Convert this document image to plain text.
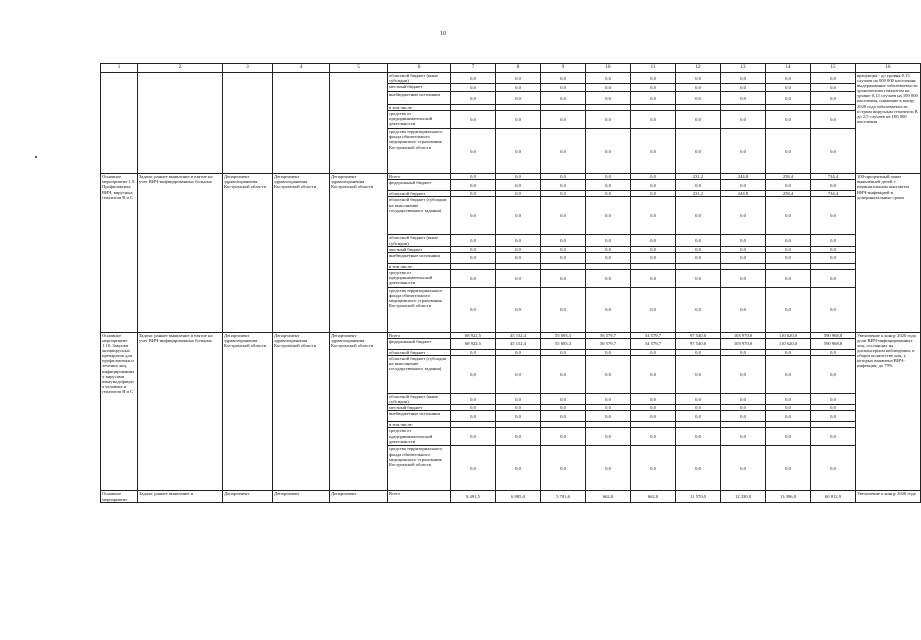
10
1	2	3	4	5	6	7	8	9	10	11	12	13	14	15	16
					областной бюджет (иные субсидии)	0,0	0,0	0,0	0,0	0,0	0,0	0,0	0,0	0,0	врачукция - до уровня 0,15 случаев на 000 000 населения; выдерживание заболеваемости хроническим гепатитом на уровне 0,15 случаев на 100 000 населения, снижение к концу 2020 года заболеваемости острым вирусным гепатитом В до 2,5 случаев на 100 000 населения
					местный бюджет	0,0	0,0	0,0	0,0	0,0	0,0	0,0	0,0	0,0	
					внебюджетные источники	0,0	0,0	0,0	0,0	0,0	0,0	0,0	0,0	0,0	
					в том числе:										
					средства от предпринимательской деятельности	0,0	0,0	0,0	0,0	0,0	0,0	0,0	0,0	0,0	
					средства территориального фонда обязательного медицинского страхования Костромской области	0,0	0,0	0,0	0,0	0,0	0,0	0,0	0,0	0,0	
Основное мероприятие 1.9. Профилактика ВИЧ, вирусных гепатитов В и С	Задача: раннее выявление и взятие на учет ВИЧ-инфицированных больных	Департамент здравоохранения Костромской области	Департамент здравоохранения Костромской области	Департамент здравоохранения Костромской области	Всего	0,0	0,0	0,0	0,0	0,0	231,2	244,8	258,4	734,4	100-процентный охват выявленной детей с перинатальным контактом ВИЧ-инфекцией в доперинатальные сроки
					федеральный бюджет	0,0	0,0	0,0	0,0	0,0	0,0	0,0	0,0	0,0	
					областной бюджет	0,0	0,0	0,0	0,0	0,0	231,2	244,8	258,4	734,4	
					областной бюджет (субсидии на выполнение государственного задания)	0,0	0,0	0,0	0,0	0,0	0,0	0,0	0,0	0,0	
					областной бюджет (иные субсидии)	0,0	0,0	0,0	0,0	0,0	0,0	0,0	0,0	0,0	
					местный бюджет	0,0	0,0	0,0	0,0	0,0	0,0	0,0	0,0	0,0	
					внебюджетные источники	0,0	0,0	0,0	0,0	0,0	0,0	0,0	0,0	0,0	
					в том числе:										
					средства от предпринимательской деятельности	0,0	0,0	0,0	0,0	0,0	0,0	0,0	0,0	0,0	
					средства территориального фонда обязательного медицинского страхования Костромской области	0,0	0,0	0,0	0,0	0,0	0,0	0,0	0,0	0,0	
Основное мероприятие 1.10. Закупки антивирусных препаратов для профилактики и лечения лиц, инфицированных вирусами иммунодефицита человека и гепатитов В и С	Задача: раннее выявление и взятие на учет ВИЧ-инфицированных больных	Департамент здравоохранения Костромской области	Департамент здравоохранения Костромской области	Департамент здравоохранения Костромской области	Всего	68 922,5	45 152,4	55 693,3	56 579,7	54 579,7	97 540,0	103 970,0	110 620,0	590 968,8	Увеличение к концу 2020 года доли ВИЧ-инфицированных лиц, состоящих на диспансерном наблюдении, в общем количестве лиц, у которых выявлена ВИЧ-инфекция, до 79%
					федеральный бюджет	68 922,5	45 152,4	55 693,3	56 579,7	54 579,7	97 540,0	103 970,0	110 620,0	590 968,8	
					областной бюджет	0,0	0,0	0,0	0,0	0,0	0,0	0,0	0,0	0,0	
					областной бюджет (субсидии на выполнение государственного задания)	0,0	0,0	0,0	0,0	0,0	0,0	0,0	0,0	0,0	
					областной бюджет (иные субсидии)	0,0	0,0	0,0	0,0	0,0	0,0	0,0	0,0	0,0	
					местный бюджет	0,0	0,0	0,0	0,0	0,0	0,0	0,0	0,0	0,0	
					внебюджетные источники	0,0	0,0	0,0	0,0	0,0	0,0	0,0	0,0	0,0	
					в том числе:										
					средства от предпринимательской деятельности	0,0	0,0	0,0	0,0	0,0	0,0	0,0	0,0	0,0	
					средства территориального фонда обязательного медицинского страхования Костромской области	0,0	0,0	0,0	0,0	0,0	0,0	0,0	0,0	0,0	
Основное мероприятие	Задача: раннее выявление и	Департамент	Департамент	Департамент	Всего	8 491,5	6 985,0	5 701,6	662,0	662,0	11 570,0	12 330,0	13 396,0	60 812,9	Увеличение к концу 2020 года
